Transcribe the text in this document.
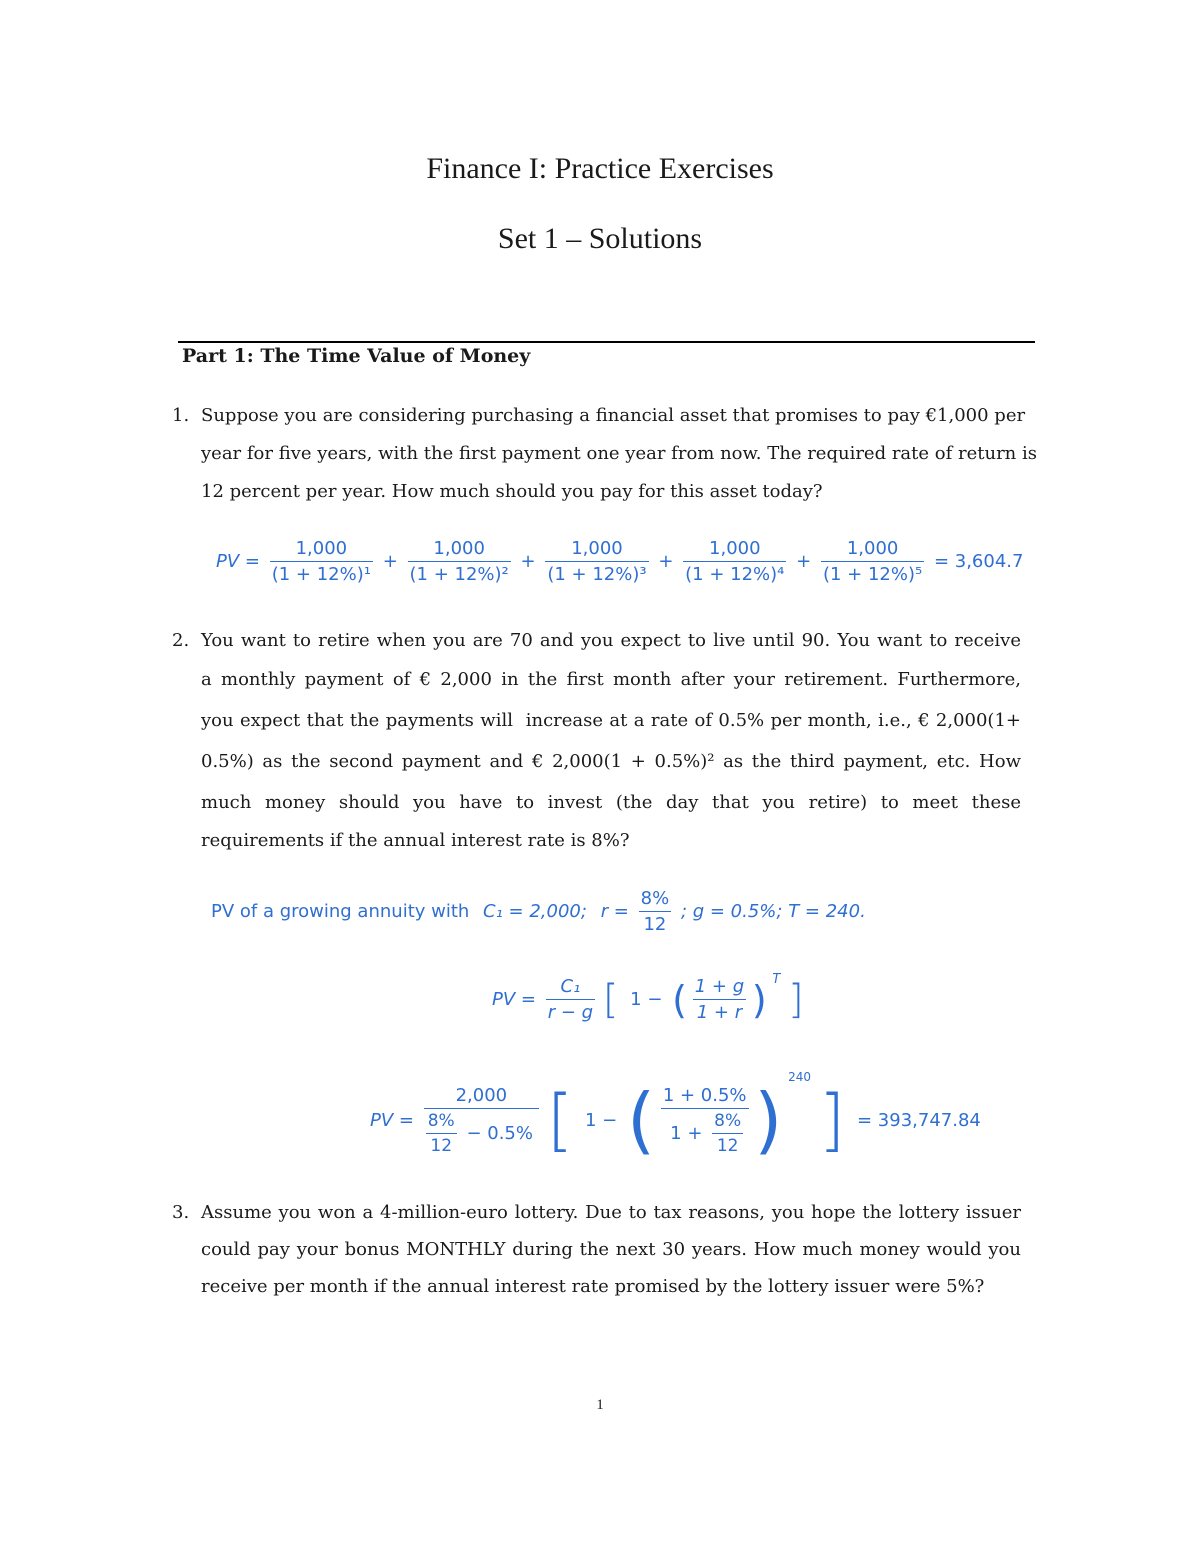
Finance I: Practice Exercises
Set 1 – Solutions
Part 1: The Time Value of Money
1. Suppose you are considering purchasing a financial asset that promises to pay €1,000 per
year for five years, with the first payment one year from now. The required rate of return is
12 percent per year. How much should you pay for this asset today?
PV = $\frac{1,000}{\text{(1 + 12\%)¹}} + \frac{1,000}{\text{(1 + 12\%)²}} + \frac{1,000}{\text{(1 + 12\%)³}} + \frac{1,000}{\text{(1 + 12\%)⁴}} + \frac{1,000}{\text{(1 + 12\%)⁵}} = 3,604.7$
2. You want to retire when you are 70 and you expect to live until 90. You want to receive
a monthly payment of € 2,000 in the first month after your retirement. Furthermore,
you expect that the payments will  increase at a rate of 0.5% per month, i.e., € 2,000(1+
0.5%) as the second payment and € 2,000(1 + 0.5%)² as the third payment, etc. How
much money should you have to invest (the day that you retire) to meet these
requirements if the annual interest rate is 8%?
PV of a growing annuity with C₁ = 2,000; $r = \frac{8\%}{12}$ ; g = 0.5%; T = 240.
PV = $\frac{\text{C₁}}{r - g}$ [ 1 − ( $\frac{1 + g}{1 + r}$ ) T ]
PV = $\frac{2,000}{\frac{8\%}{12} - 0.5\%}$ [ 1 − ( $\frac{1 + 0.5\%}{1 + \frac{8\%}{12}}$ ) 240 ] = 393,747.84
3. Assume you won a 4-million-euro lottery. Due to tax reasons, you hope the lottery issuer
could pay your bonus MONTHLY during the next 30 years. How much money would you
receive per month if the annual interest rate promised by the lottery issuer were 5%?
1
